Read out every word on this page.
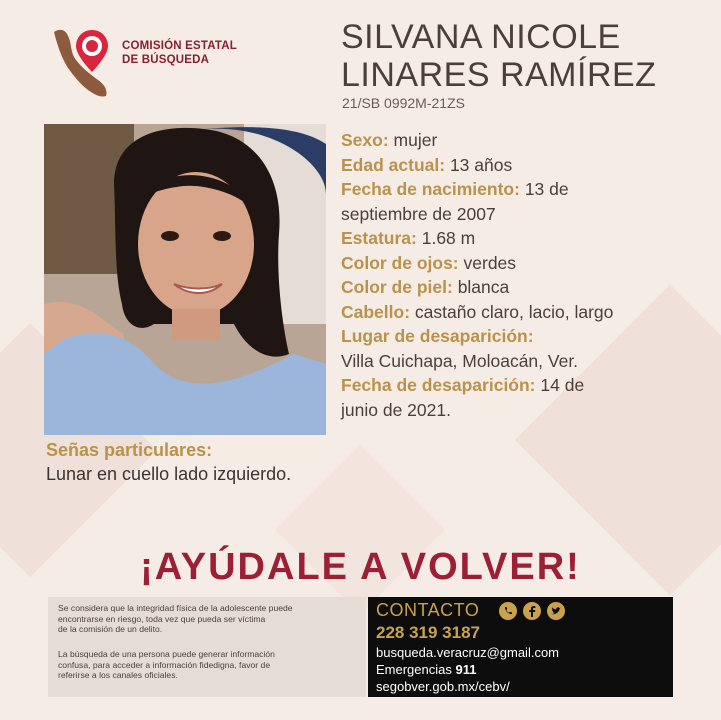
COMISIÓN ESTATAL
DE BÚSQUEDA
SILVANA NICOLE
LINARES RAMÍREZ
21/SB 0992M-21ZS
Sexo: mujer
Edad actual: 13 años
Fecha de nacimiento: 13 de
septiembre de 2007
Estatura: 1.68 m
Color de ojos: verdes
Color de piel: blanca
Cabello: castaño claro, lacio, largo
Lugar de desaparición:
Villa Cuichapa, Moloacán, Ver.
Fecha de desaparición: 14 de
junio de 2021.
Señas particulares:
Lunar en cuello lado izquierdo.
¡AYÚDALE A VOLVER!

Se considera que la integridad física de la adolescente puede
encontrarse en riesgo, toda vez que pueda ser víctima
de la comisión de un delito.

La búsqueda de una persona puede generar información
confusa, para acceder a información fidedigna, favor de
referirse a los canales oficiales.

CONTACTO
228 319 3187
busqueda.veracruz@gmail.com
Emergencias 911
segobver.gob.mx/cebv/
